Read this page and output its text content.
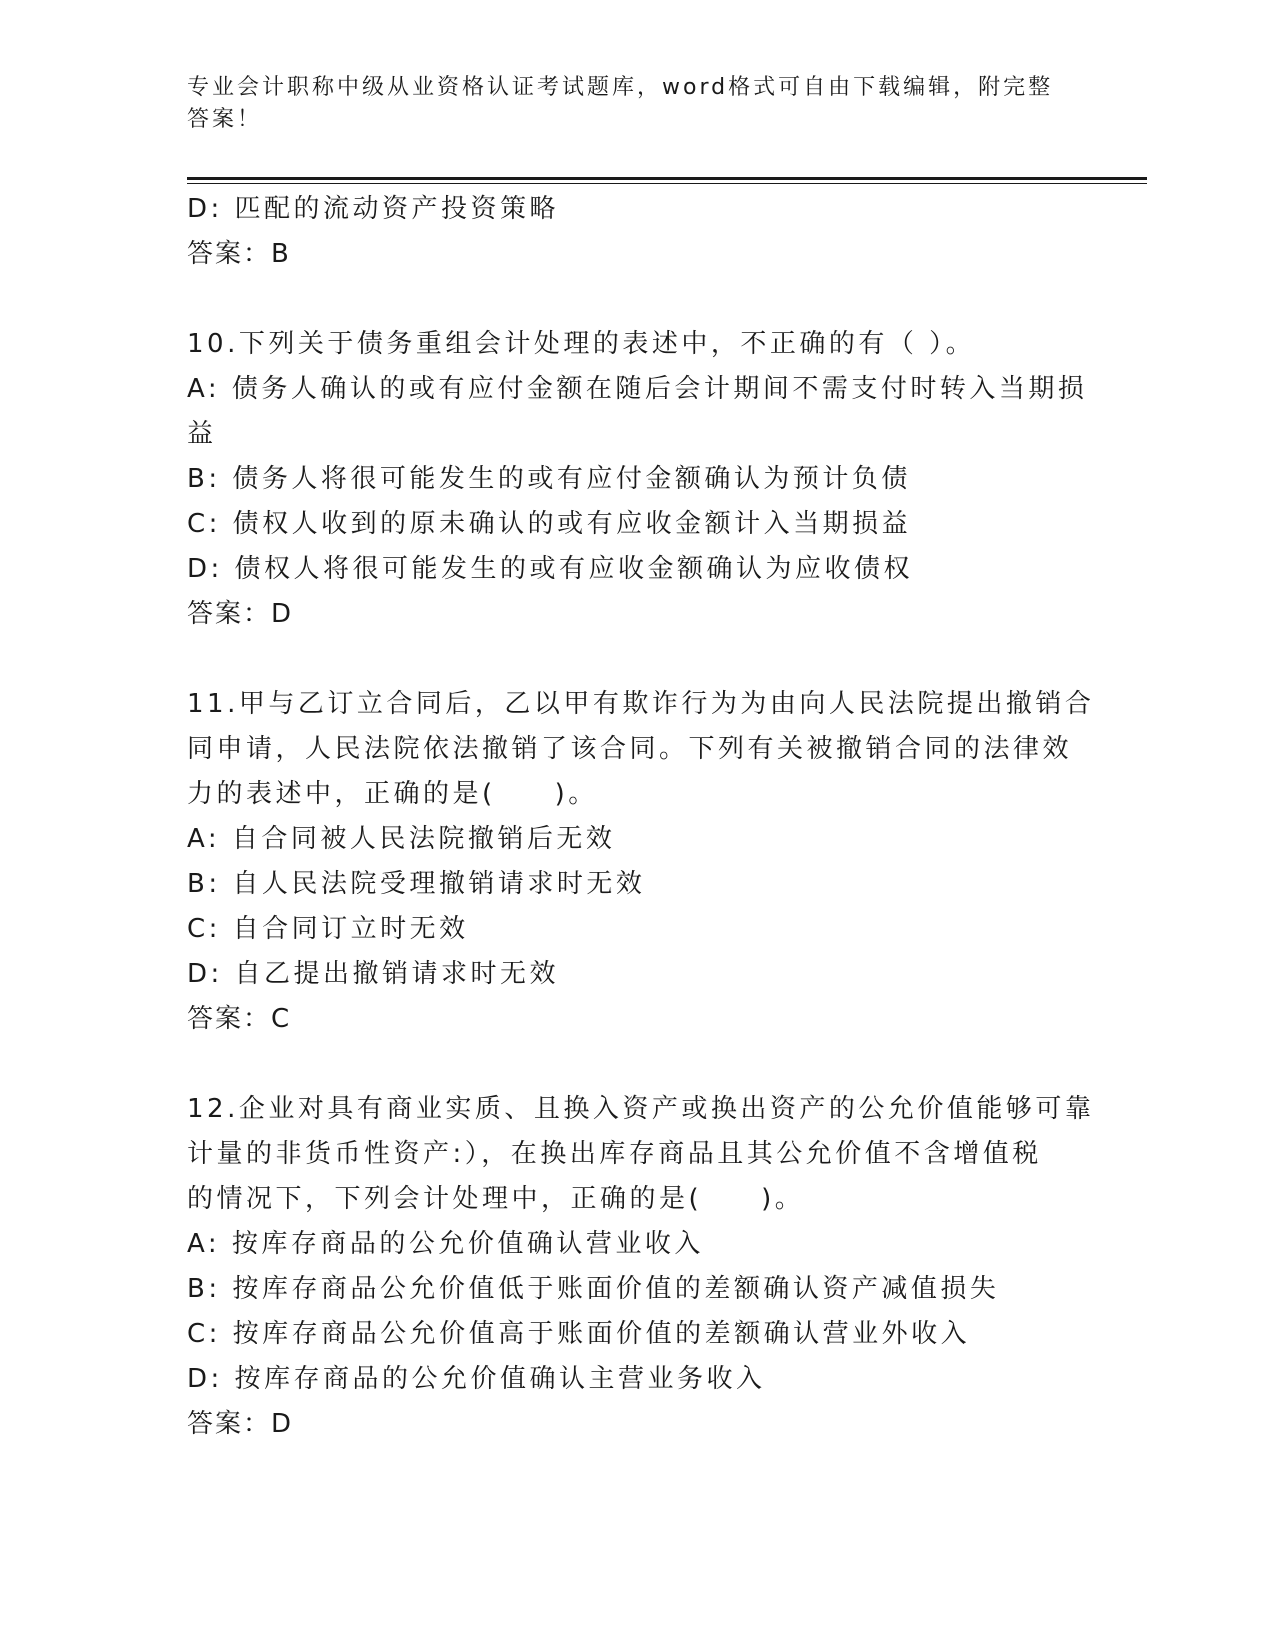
专业会计职称中级从业资格认证考试题库，word格式可自由下载编辑，附完整答案！
D: 匹配的流动资产投资策略
答案：B
10.下列关于债务重组会计处理的表述中，不正确的有（ ）。
A: 债务人确认的或有应付金额在随后会计期间不需支付时转入当期损
益
B: 债务人将很可能发生的或有应付金额确认为预计负债
C: 债权人收到的原未确认的或有应收金额计入当期损益
D: 债权人将很可能发生的或有应收金额确认为应收债权
答案：D
11.甲与乙订立合同后，乙以甲有欺诈行为为由向人民法院提出撤销合
同申请，人民法院依法撤销了该合同。下列有关被撤销合同的法律效
力的表述中，正确的是(　　)。
A: 自合同被人民法院撤销后无效
B: 自人民法院受理撤销请求时无效
C: 自合同订立时无效
D: 自乙提出撤销请求时无效
答案：C
12.企业对具有商业实质、且换入资产或换出资产的公允价值能够可靠
计量的非货币性资产:），在换出库存商品且其公允价值不含增值税
的情况下，下列会计处理中，正确的是(　　)。
A: 按库存商品的公允价值确认营业收入
B: 按库存商品公允价值低于账面价值的差额确认资产减值损失
C: 按库存商品公允价值高于账面价值的差额确认营业外收入
D: 按库存商品的公允价值确认主营业务收入
答案：D
